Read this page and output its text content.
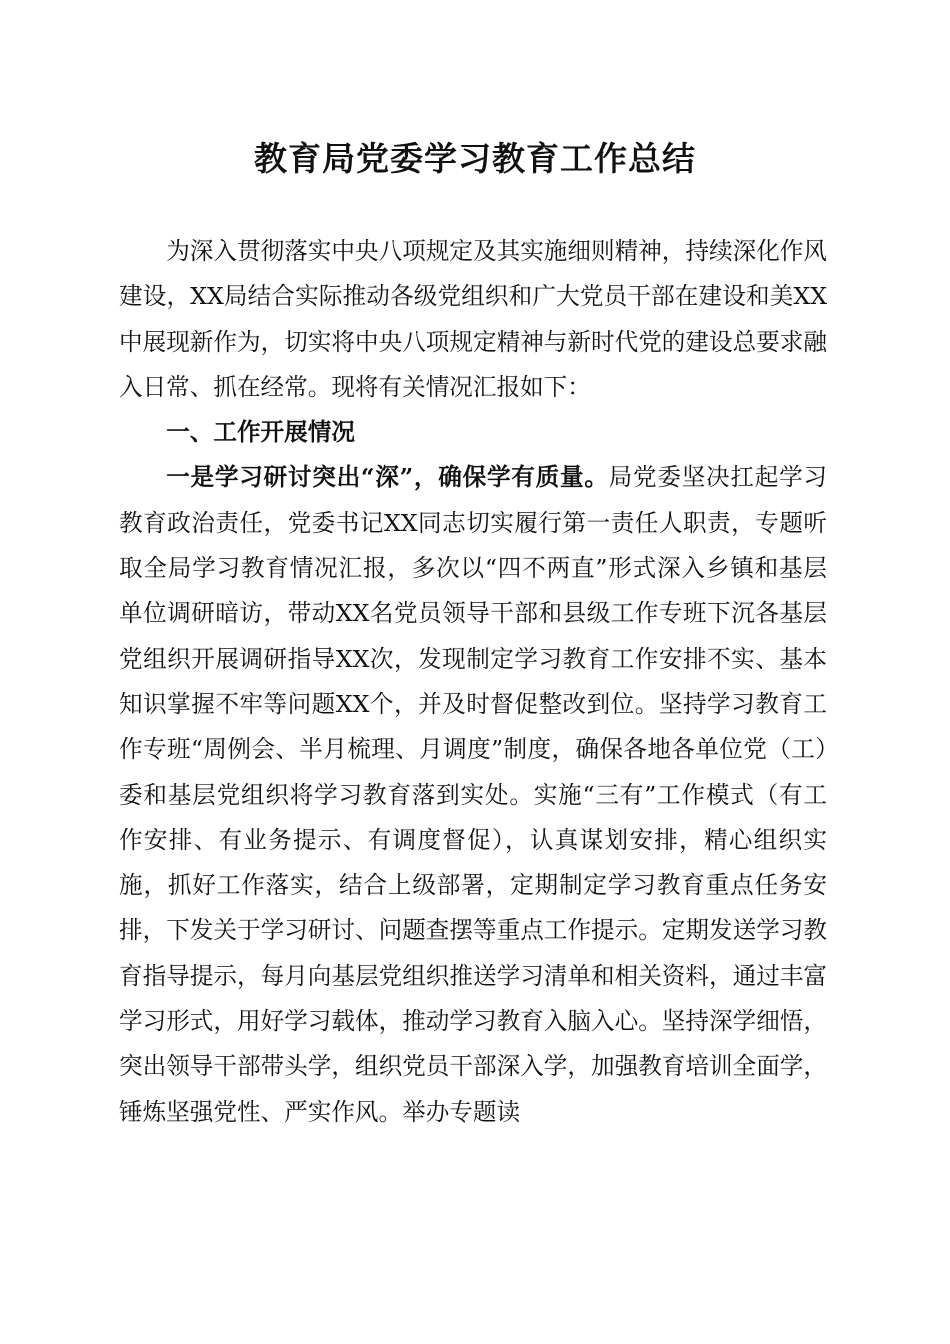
教育局党委学习教育工作总结

为深入贯彻落实中央八项规定及其实施细则精神，持续深化作风建设，XX局结合实际推动各级党组织和广大党员干部在建设和美XX中展现新作为，切实将中央八项规定精神与新时代党的建设总要求融入日常、抓在经常。现将有关情况汇报如下：

一、工作开展情况

一是学习研讨突出“深”，确保学有质量。局党委坚决扛起学习教育政治责任，党委书记XX同志切实履行第一责任人职责，专题听取全局学习教育情况汇报，多次以“四不两直”形式深入乡镇和基层单位调研暗访，带动XX名党员领导干部和县级工作专班下沉各基层党组织开展调研指导XX次，发现制定学习教育工作安排不实、基本知识掌握不牢等问题XX个，并及时督促整改到位。坚持学习教育工作专班“周例会、半月梳理、月调度”制度，确保各地各单位党（工）委和基层党组织将学习教育落到实处。实施“三有”工作模式（有工作安排、有业务提示、有调度督促），认真谋划安排，精心组织实施，抓好工作落实，结合上级部署，定期制定学习教育重点任务安排，下发关于学习研讨、问题查摆等重点工作提示。定期发送学习教育指导提示，每月向基层党组织推送学习清单和相关资料，通过丰富学习形式，用好学习载体，推动学习教育入脑入心。坚持深学细悟，突出领导干部带头学，组织党员干部深入学，加强教育培训全面学，锤炼坚强党性、严实作风。举办专题读
